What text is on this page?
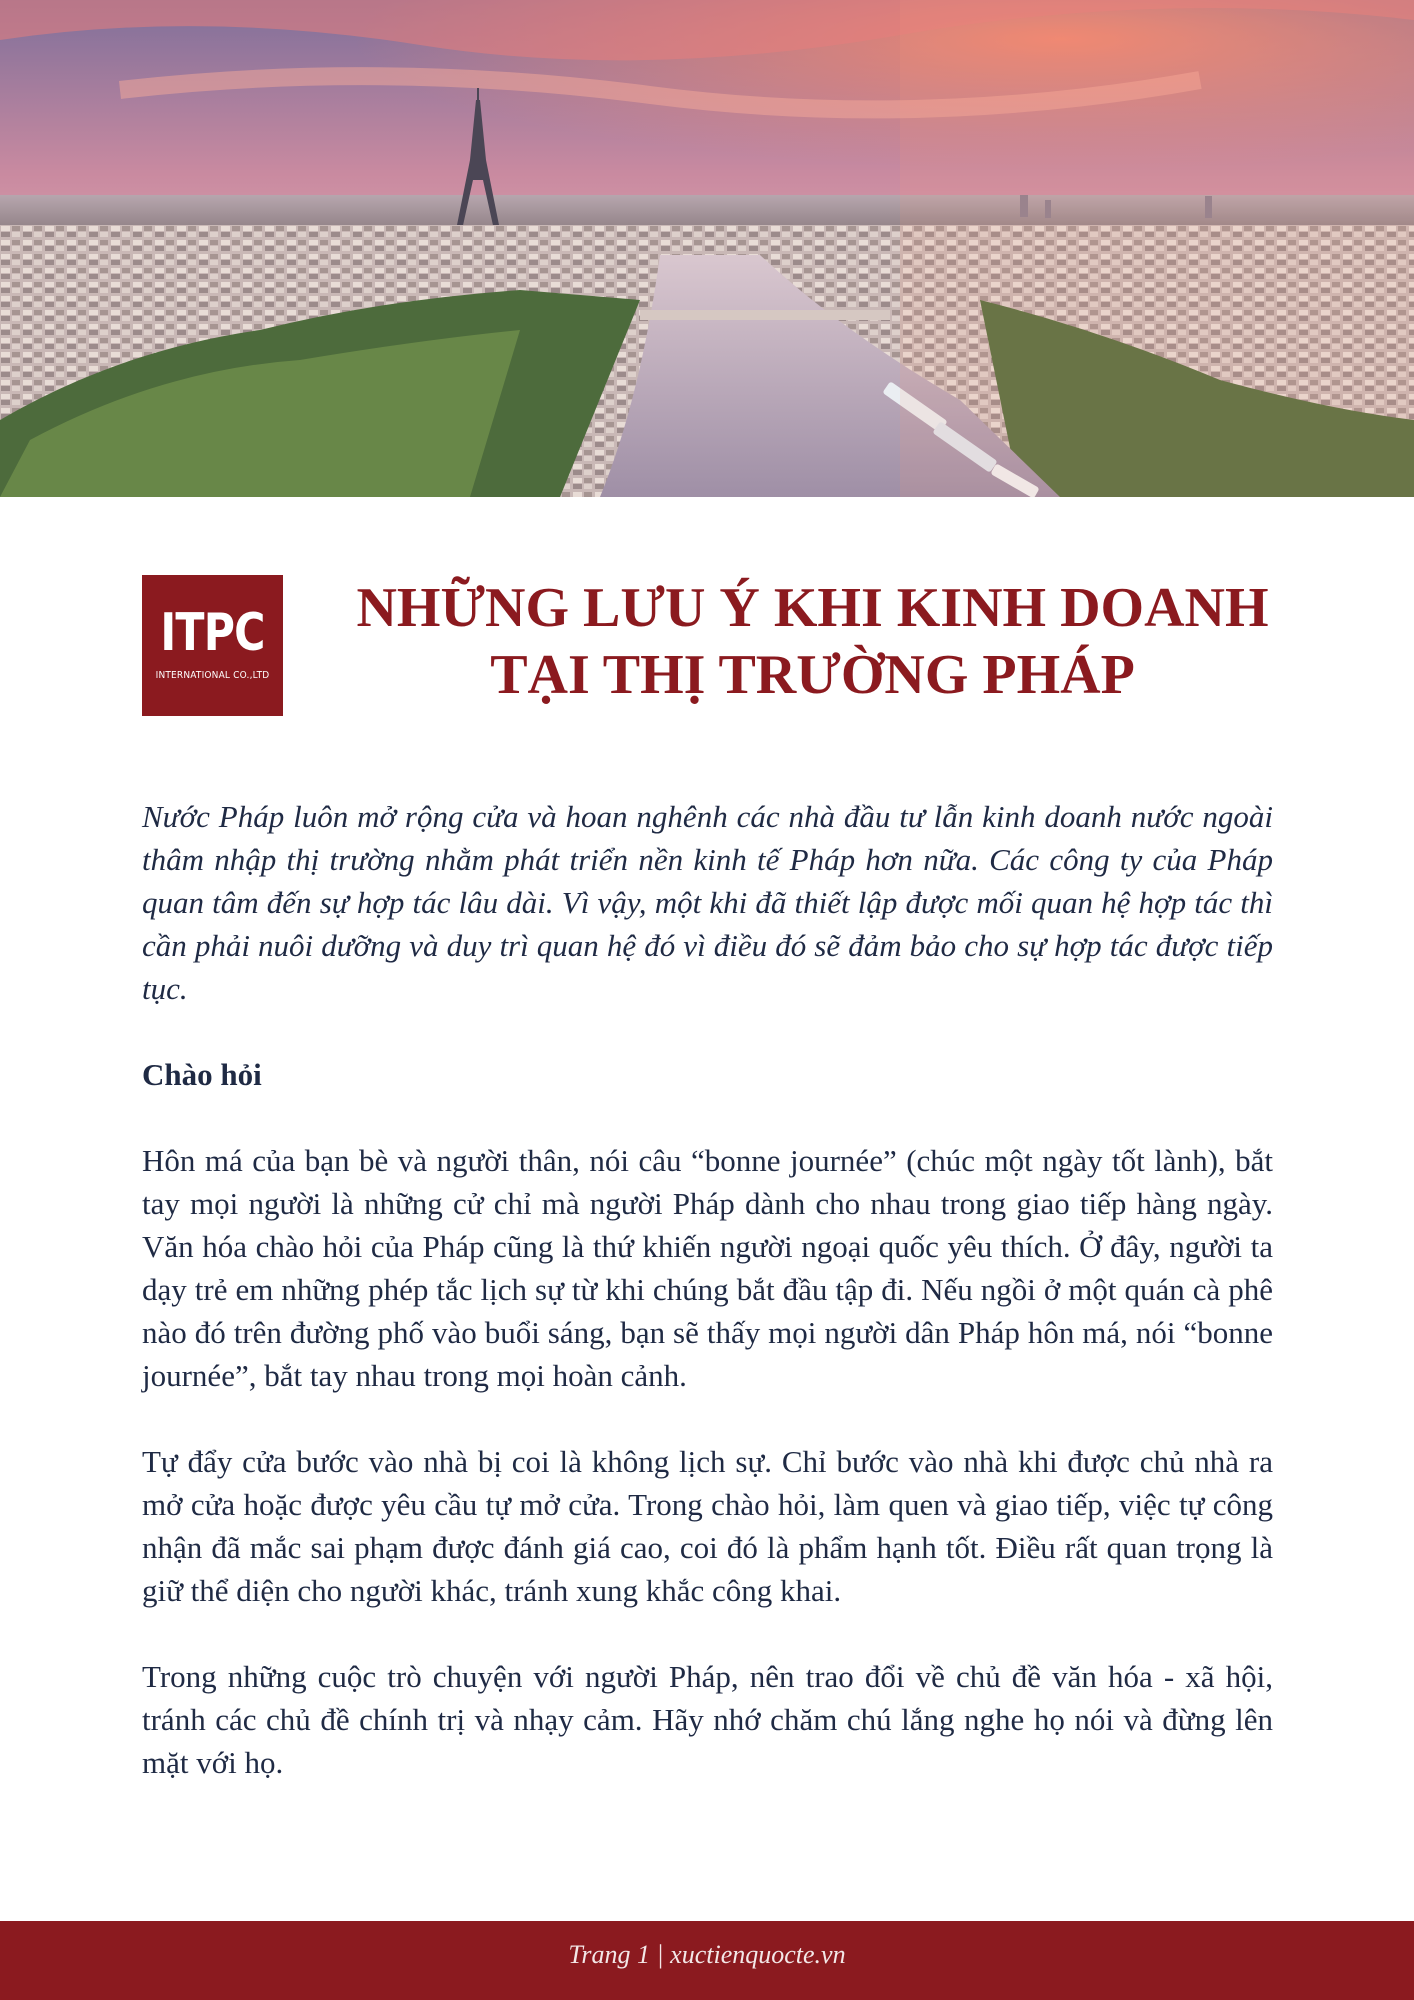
ITPC
INTERNATIONAL CO.,LTD
NHỮNG LƯU Ý KHI KINH DOANH
TẠI THỊ TRƯỜNG PHÁP

Nước Pháp luôn mở rộng cửa và hoan nghênh các nhà đầu tư lẫn kinh doanh nước ngoài thâm nhập thị trường nhằm phát triển nền kinh tế Pháp hơn nữa. Các công ty của Pháp quan tâm đến sự hợp tác lâu dài. Vì vậy, một khi đã thiết lập được mối quan hệ hợp tác thì cần phải nuôi dưỡng và duy trì quan hệ đó vì điều đó sẽ đảm bảo cho sự hợp tác được tiếp tục.

Chào hỏi

Hôn má của bạn bè và người thân, nói câu “bonne journée” (chúc một ngày tốt lành), bắt tay mọi người là những cử chỉ mà người Pháp dành cho nhau trong giao tiếp hàng ngày. Văn hóa chào hỏi của Pháp cũng là thứ khiến người ngoại quốc yêu thích. Ở đây, người ta dạy trẻ em những phép tắc lịch sự từ khi chúng bắt đầu tập đi. Nếu ngồi ở một quán cà phê nào đó trên đường phố vào buổi sáng, bạn sẽ thấy mọi người dân Pháp hôn má, nói “bonne journée”, bắt tay nhau trong mọi hoàn cảnh.

Tự đẩy cửa bước vào nhà bị coi là không lịch sự. Chỉ bước vào nhà khi được chủ nhà ra mở cửa hoặc được yêu cầu tự mở cửa. Trong chào hỏi, làm quen và giao tiếp, việc tự công nhận đã mắc sai phạm được đánh giá cao, coi đó là phẩm hạnh tốt. Điều rất quan trọng là giữ thể diện cho người khác, tránh xung khắc công khai.

Trong những cuộc trò chuyện với người Pháp, nên trao đổi về chủ đề văn hóa - xã hội, tránh các chủ đề chính trị và nhạy cảm. Hãy nhớ chăm chú lắng nghe họ nói và đừng lên mặt với họ.

Trang 1 | xuctienquocte.vn
